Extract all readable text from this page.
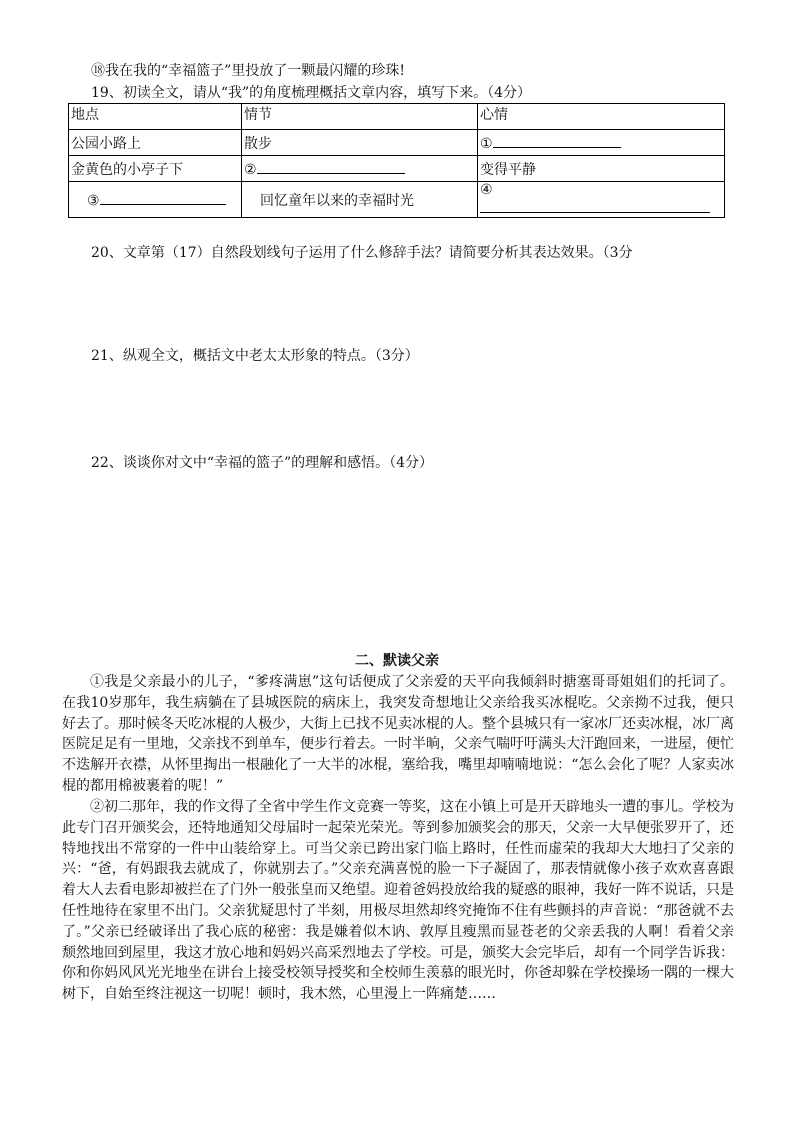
⑱我在我的“幸福篮子”里投放了一颗最闪耀的珍珠!
19、初读全文，请从“我”的角度梳理概括文章内容，填写下来。（4分）
地点	情节	心情
公园小路上	散步	①
金黄色的小亭子下	②	变得平静
③	回忆童年以来的幸福时光	④
20、文章第（17）自然段划线句子运用了什么修辞手法？请简要分析其表达效果。（3分
21、纵观全文，概括文中老太太形象的特点。（3分）
22、谈谈你对文中“幸福的篮子”的理解和感悟。（4分）
二、默读父亲
①我是父亲最小的儿子，“爹疼满崽”这句话便成了父亲爱的天平向我倾斜时搪塞哥哥姐姐们的托词了。在我10岁那年，我生病躺在了县城医院的病床上，我突发奇想地让父亲给我买冰棍吃。父亲拗不过我，便只好去了。那时候冬天吃冰棍的人极少，大街上已找不见卖冰棍的人。整个县城只有一家冰厂还卖冰棍，冰厂离医院足足有一里地，父亲找不到单车，便步行着去。一时半晌，父亲气喘吁吁满头大汗跑回来，一进屋，便忙不迭解开衣襟，从怀里掏出一根融化了一大半的冰棍，塞给我，嘴里却喃喃地说：“怎么会化了呢？人家卖冰棍的都用棉被裹着的呢！”
②初二那年，我的作文得了全省中学生作文竞赛一等奖，这在小镇上可是开天辟地头一遭的事儿。学校为此专门召开颁奖会，还特地通知父母届时一起荣光荣光。等到参加颁奖会的那天，父亲一大早便张罗开了，还特地找出不常穿的一件中山装给穿上。可当父亲已跨出家门临上路时，任性而虚荣的我却大大地扫了父亲的兴：“爸，有妈跟我去就成了，你就别去了。”父亲充满喜悦的脸一下子凝固了，那表情就像小孩子欢欢喜喜跟着大人去看电影却被拦在了门外一般张皇而又绝望。迎着爸妈投放给我的疑惑的眼神，我好一阵不说话，只是任性地待在家里不出门。父亲犹疑思忖了半刻，用极尽坦然却终究掩饰不住有些颤抖的声音说：“那爸就不去了。”父亲已经破译出了我心底的秘密：我是嫌着似木讷、敦厚且瘦黑而显苍老的父亲丢我的人啊！看着父亲颓然地回到屋里，我这才放心地和妈妈兴高采烈地去了学校。可是，颁奖大会完毕后，却有一个同学告诉我：你和你妈风风光光地坐在讲台上接受校领导授奖和全校师生羡慕的眼光时，你爸却躲在学校操场一隅的一棵大树下，自始至终注视这一切呢！顿时，我木然，心里漫上一阵痛楚……
